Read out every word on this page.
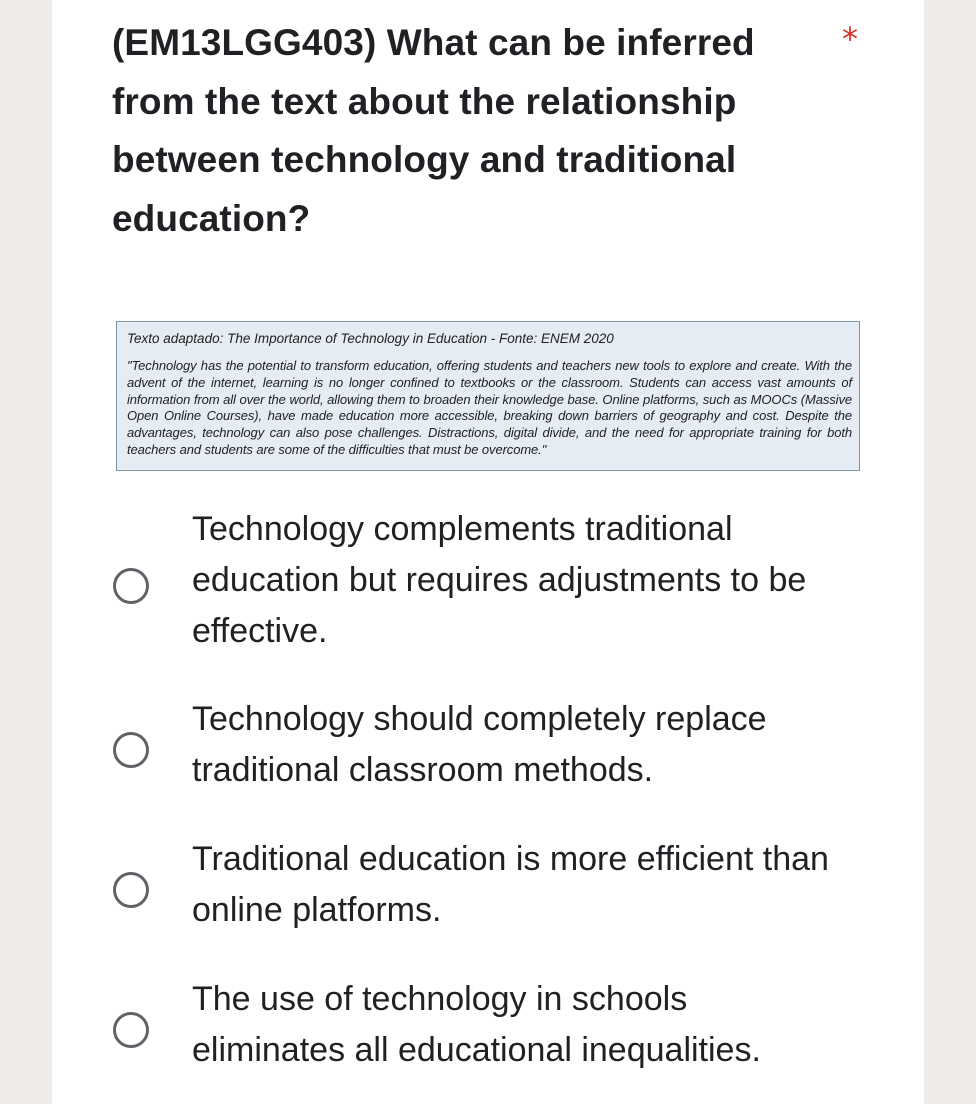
(EM13LGG403) What can be inferred from the text about the relationship between technology and traditional education?
*
Texto adaptado: The Importance of Technology in Education - Fonte: ENEM 2020
"Technology has the potential to transform education, offering students and teachers new tools to explore and create. With the advent of the internet, learning is no longer confined to textbooks or the classroom. Students can access vast amounts of information from all over the world, allowing them to broaden their knowledge base. Online platforms, such as MOOCs (Massive Open Online Courses), have made education more accessible, breaking down barriers of geography and cost. Despite the advantages, technology can also pose challenges. Distractions, digital divide, and the need for appropriate training for both teachers and students are some of the difficulties that must be overcome."
Technology complements traditional education but requires adjustments to be effective.
Technology should completely replace traditional classroom methods.
Traditional education is more efficient than online platforms.
The use of technology in schools eliminates all educational inequalities.
